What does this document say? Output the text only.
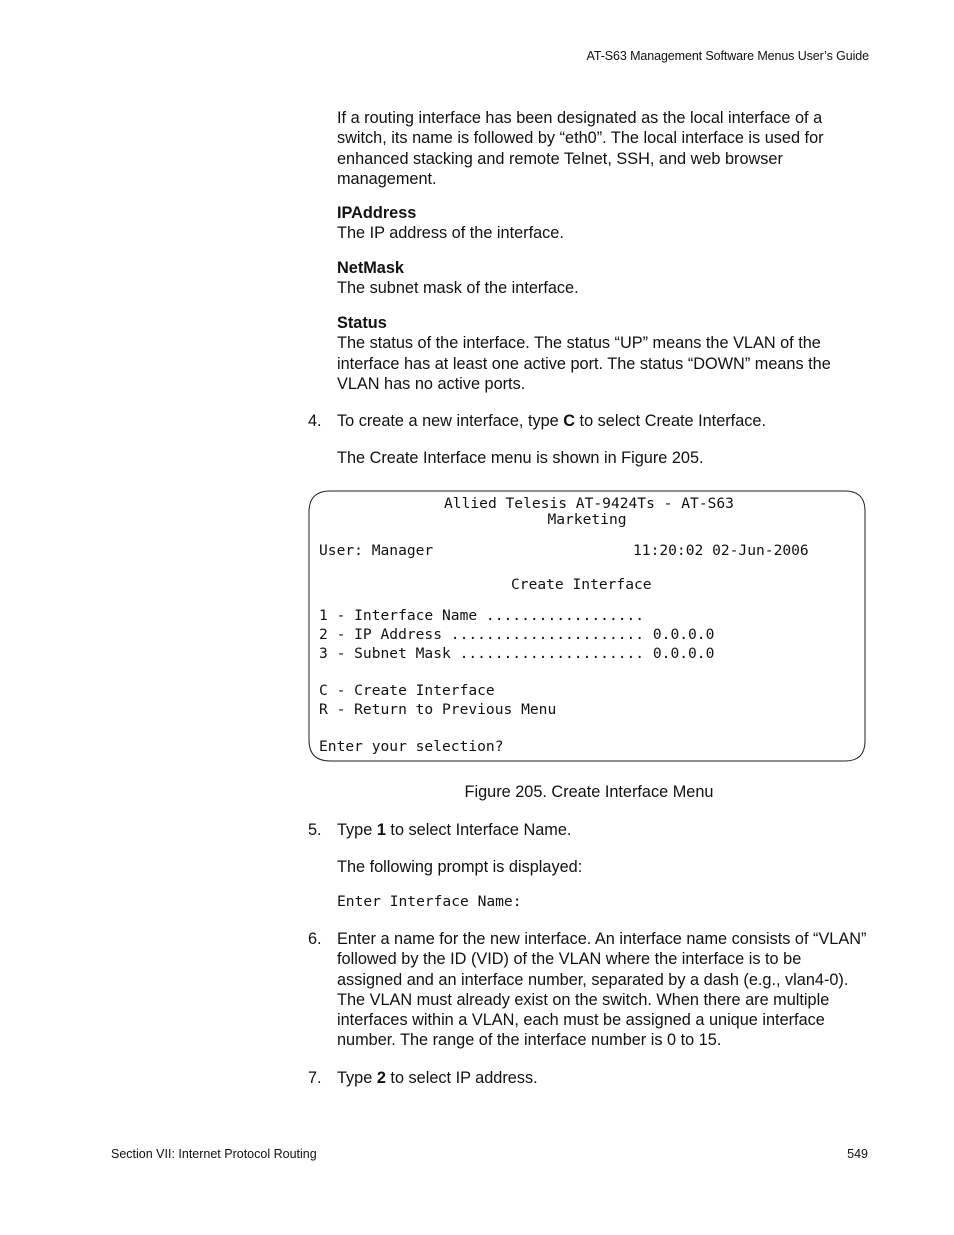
AT-S63 Management Software Menus User’s Guide
If a routing interface has been designated as the local interface of a switch, its name is followed by “eth0”. The local interface is used for enhanced stacking and remote Telnet, SSH, and web browser management.
IPAddress
The IP address of the interface.
NetMask
The subnet mask of the interface.
Status
The status of the interface. The status “UP” means the VLAN of the interface has at least one active port. The status “DOWN” means the VLAN has no active ports.
4. To create a new interface, type C to select Create Interface.
The Create Interface menu is shown in Figure 205.
Allied Telesis AT-9424Ts - AT-S63
Marketing
User: Manager	11:20:02 02-Jun-2006
Create Interface
1 - Interface Name ..................
2 - IP Address ...................... 0.0.0.0
3 - Subnet Mask ..................... 0.0.0.0
C - Create Interface
R - Return to Previous Menu
Enter your selection?
Figure 205. Create Interface Menu
5. Type 1 to select Interface Name.
The following prompt is displayed:
Enter Interface Name:
6. Enter a name for the new interface. An interface name consists of “VLAN” followed by the ID (VID) of the VLAN where the interface is to be assigned and an interface number, separated by a dash (e.g., vlan4-0). The VLAN must already exist on the switch. When there are multiple interfaces within a VLAN, each must be assigned a unique interface number. The range of the interface number is 0 to 15.
7. Type 2 to select IP address.
Section VII: Internet Protocol Routing	549
